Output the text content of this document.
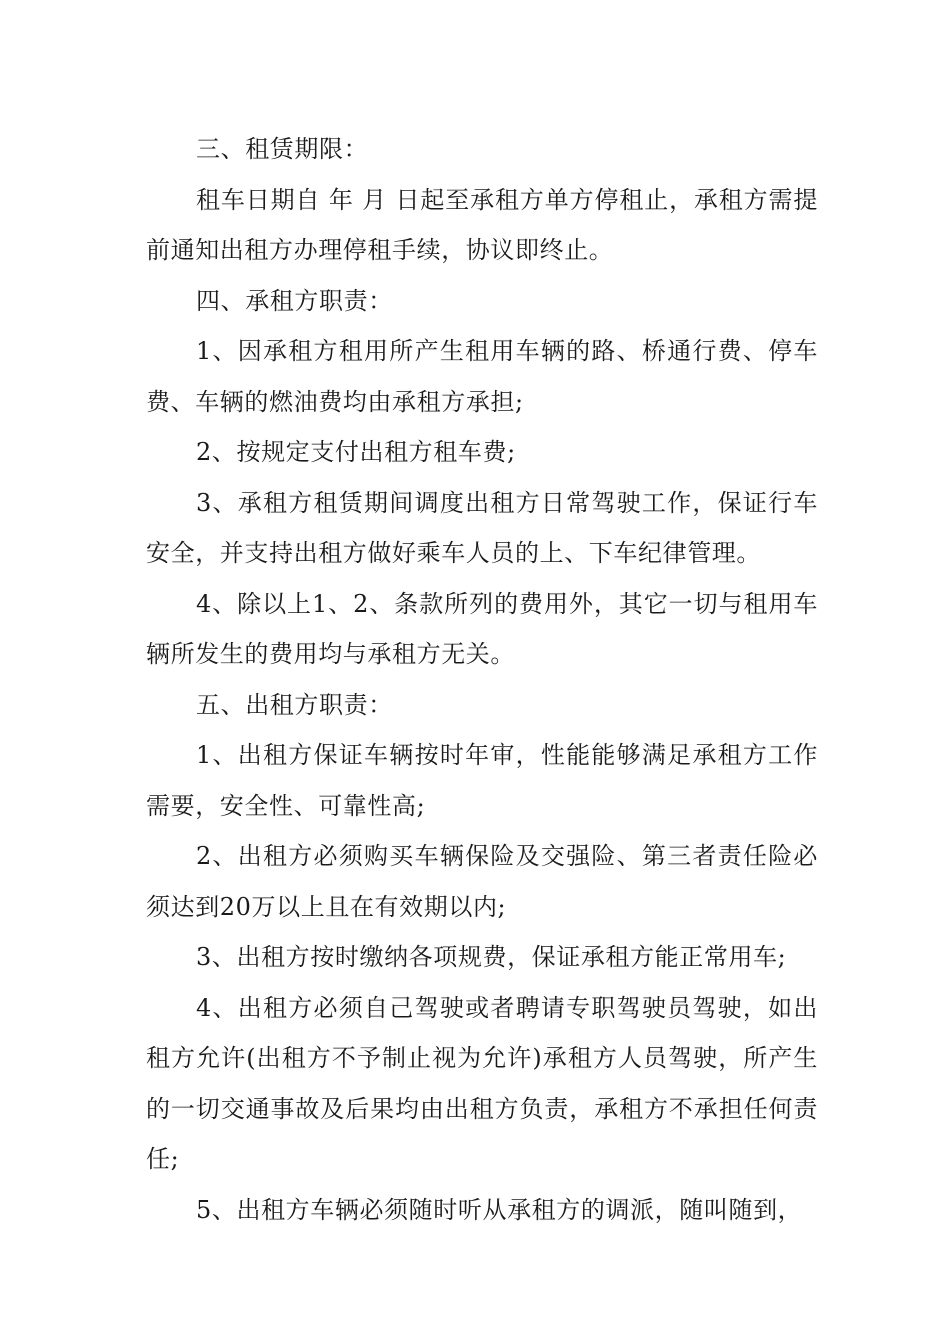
三、租赁期限：

租车日期自 年 月 日起至承租方单方停租止，承租方需提前通知出租方办理停租手续，协议即终止。

四、承租方职责：

1、因承租方租用所产生租用车辆的路、桥通行费、停车费、车辆的燃油费均由承租方承担;

2、按规定支付出租方租车费;

3、承租方租赁期间调度出租方日常驾驶工作，保证行车安全，并支持出租方做好乘车人员的上、下车纪律管理。

4、除以上1、2、条款所列的费用外，其它一切与租用车辆所发生的费用均与承租方无关。

五、出租方职责：

1、出租方保证车辆按时年审，性能能够满足承租方工作需要，安全性、可靠性高;

2、出租方必须购买车辆保险及交强险、第三者责任险必须达到20万以上且在有效期以内;

3、出租方按时缴纳各项规费，保证承租方能正常用车;

4、出租方必须自己驾驶或者聘请专职驾驶员驾驶，如出租方允许(出租方不予制止视为允许)承租方人员驾驶，所产生的一切交通事故及后果均由出租方负责，承租方不承担任何责任;

5、出租方车辆必须随时听从承租方的调派，随叫随到，
